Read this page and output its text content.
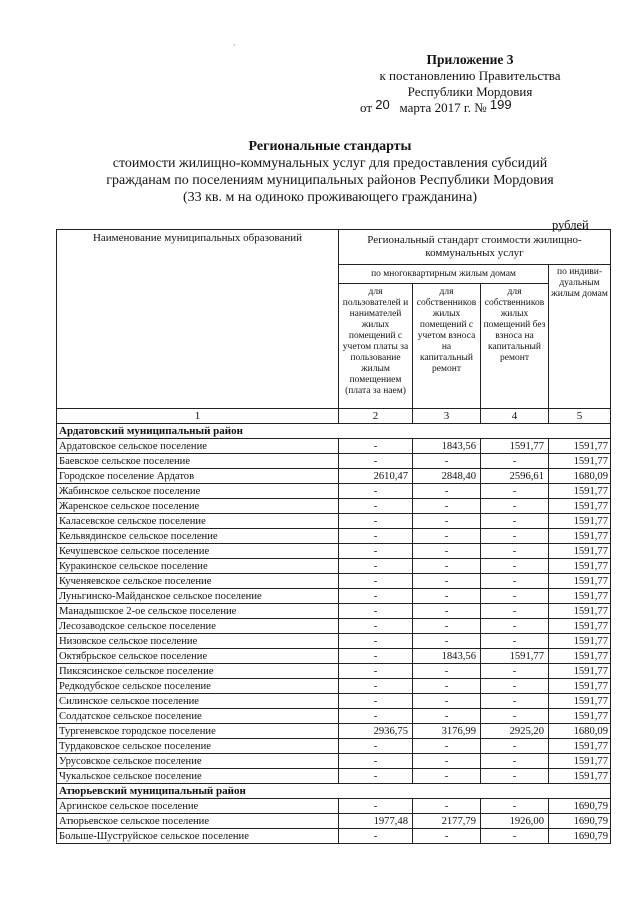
·
Приложение 3
к постановлению Правительства
Республики Мордовия
от 20 марта 2017 г. № 199
Региональные стандарты
стоимости жилищно-коммунальных услуг для предоставления субсидий
гражданам по поселениям муниципальных районов Республики Мордовия
(33 кв. м на одиноко проживающего гражданина)
рублей
Наименование муниципальных образований	Региональный стандарт стоимости жилищно-коммунальных услуг			
	по многоквартирным жилым домам			по индиви-дуальным жилым домам
	для пользователей и нанимателей жилых помещений с учетом платы за пользование жилым помещением (плата за наем)	для собственников жилых помещений с учетом взноса на капитальный ремонт	для собственников жилых помещений без взноса на капитальный ремонт	
1	2	3	4	5
Ардатовский муниципальный район				
Ардатовское сельское поселение	-	1843,56	1591,77	1591,77
Баевское сельское поселение	-	-	-	1591,77
Городское поселение Ардатов	2610,47	2848,40	2596,61	1680,09
Жабинское сельское поселение	-	-	-	1591,77
Жаренское сельское поселение	-	-	-	1591,77
Каласевское сельское поселение	-	-	-	1591,77
Кельвядинское сельское поселение	-	-	-	1591,77
Кечушевское сельское поселение	-	-	-	1591,77
Куракинское сельское поселение	-	-	-	1591,77
Кученяевское сельское поселение	-	-	-	1591,77
Луньгинско-Майданское сельское поселение	-	-	-	1591,77
Манадышское 2-ое сельское поселение	-	-	-	1591,77
Лесозаводское сельское поселение	-	-	-	1591,77
Низовское сельское поселение	-	-	-	1591,77
Октябрьское сельское поселение	-	1843,56	1591,77	1591,77
Пиксясинское сельское поселение	-	-	-	1591,77
Редкодубское сельское поселение	-	-	-	1591,77
Силинское сельское поселение	-	-	-	1591,77
Солдатское сельское поселение	-	-	-	1591,77
Тургеневское городское поселение	2936,75	3176,99	2925,20	1680,09
Турдаковское сельское поселение	-	-	-	1591,77
Урусовское сельское поселение	-	-	-	1591,77
Чукальское сельское поселение	-	-	-	1591,77
Атюрьевский муниципальный район				
Аргинское сельское поселение	-	-	-	1690,79
Атюрьевское сельское поселение	1977,48	2177,79	1926,00	1690,79
Больше-Шуструйское сельское поселение	-	-	-	1690,79
